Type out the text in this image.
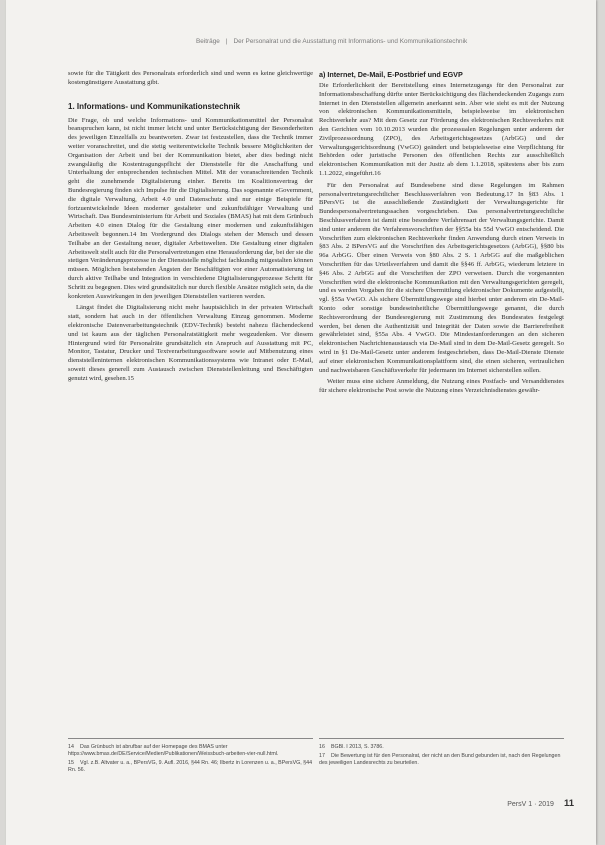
Beiträge | Der Personalrat und die Ausstattung mit Informations- und Kommunikationstechnik

sowie für die Tätigkeit des Personalrats erforderlich sind und wenn es keine gleichwertige kostengünstigere Ausstattung gibt.

1. Informations- und Kommunikationstechnik

Die Frage, ob und welche Informations- und Kommunikationsmittel der Personalrat beanspruchen kann, ist nicht immer leicht und unter Berücksichtigung der Besonderheiten des jeweiligen Einzelfalls zu beantworten. Zwar ist festzustellen, dass die Technik immer weiter voranschreitet, und die stetig weiterentwickelte Technik bessere Möglichkeiten der Organisation der Arbeit und bei der Kommunikation bietet, aber dies bedingt nicht zwangsläufig die Kostentragungspflicht der Dienststelle für die Anschaffung und Unterhaltung der entsprechenden technischen Mittel. Mit der voranschreitenden Technik geht die zunehmende Digitalisierung einher. Bereits im Koalitionsvertrag der Bundesregierung finden sich Impulse für die Digitalisierung. Das sogenannte eGovernment, die digitale Verwaltung, Arbeit 4.0 und Datenschutz sind nur einige Beispiele für fortzuentwickelnde Ideen moderner gestalteter und zukunftsfähiger Verwaltung und Wirtschaft. Das Bundesministerium für Arbeit und Soziales (BMAS) hat mit dem Grünbuch Arbeiten 4.0 einen Dialog für die Gestaltung einer modernen und zukunftsfähigen Arbeitswelt begonnen.14 Im Vordergrund des Dialogs stehen der Mensch und dessen Teilhabe an der Gestaltung neuer, digitaler Arbeitswelten. Die Gestaltung einer digitalen Arbeitswelt stellt auch für die Personalvertretungen eine Herausforderung dar, bei der sie die stetigen Veränderungsprozesse in der Dienststelle möglichst fachkundig mitgestalten können müssen. Möglichen bestehenden Ängsten der Beschäftigten vor einer Automatisierung ist durch aktive Teilhabe und Integration in verschiedene Digitalisierungsprozesse Schritt für Schritt zu begegnen. Dies wird grundsätzlich nur durch flexible Ansätze möglich sein, da die konkreten Auswirkungen in den jeweiligen Dienststellen variieren werden.

Längst findet die Digitalisierung nicht mehr hauptsächlich in der privaten Wirtschaft statt, sondern hat auch in der öffentlichen Verwaltung Einzug genommen. Moderne elektronische Datenverarbeitungstechnik (EDV-Technik) besteht nahezu flächendeckend und ist kaum aus der täglichen Personalratstätigkeit mehr wegzudenken. Vor diesem Hintergrund wird für Personalräte grundsätzlich ein Anspruch auf Ausstattung mit PC, Monitor, Tastatur, Drucker und Textverarbeitungssoftware sowie auf Mitbenutzung eines dienststelleninternen elektronischen Kommunikationssystems wie Intranet oder E-Mail, soweit dieses generell zum Austausch zwischen Dienststellenleitung und Beschäftigten genutzt wird, gesehen.15

a) Internet, De-Mail, E-Postbrief und EGVP

Die Erforderlichkeit der Bereitstellung eines Internetzugangs für den Personalrat zur Informationsbeschaffung dürfte unter Berücksichtigung des flächendeckenden Zugangs zum Internet in den Dienststellen allgemein anerkannt sein. Aber wie sieht es mit der Nutzung von elektronischen Kommunikationsmitteln, beispielsweise im elektronischen Rechtsverkehr aus? Mit dem Gesetz zur Förderung des elektronischen Rechtsverkehrs mit den Gerichten vom 10.10.2013 wurden die prozessualen Regelungen unter anderem der Zivilprozessordnung (ZPO), des Arbeitsgerichtsgesetzes (ArbGG) und der Verwaltungsgerichtsordnung (VwGO) geändert und beispielsweise eine Verpflichtung für Behörden oder juristische Personen des öffentlichen Rechts zur ausschließlich elektronischen Kommunikation mit der Justiz ab dem 1.1.2018, spätestens aber bis zum 1.1.2022, eingeführt.16

Für den Personalrat auf Bundesebene sind diese Regelungen im Rahmen personalvertretungsrechtlicher Beschlussverfahren von Bedeutung.17 In §83 Abs. 1 BPersVG ist die ausschließende Zuständigkeit der Verwaltungsgerichte für Bundespersonalvertretungssachen vorgeschrieben. Das personalvertretungsrechtliche Beschlussverfahren ist damit eine besondere Verfahrensart der Verwaltungsgerichte. Damit sind unter anderem die Verfahrensvorschriften der §§55a bis 55d VwGO entscheidend. Die Vorschriften zum elektronischen Rechtsverkehr finden Anwendung durch einen Verweis in §83 Abs. 2 BPersVG auf die Vorschriften des Arbeitsgerichtsgesetzes (ArbGG), §§80 bis 96a ArbGG. Über einen Verweis von §80 Abs. 2 S. 1 ArbGG auf die maßgeblichen Vorschriften für das Urteilsverfahren und damit die §§46 ff. ArbGG, wiederum letztere in §46 Abs. 2 ArbGG auf die Vorschriften der ZPO verweisen. Durch die vorgenannten Vorschriften wird die elektronische Kommunikation mit den Verwaltungsgerichten geregelt, und es werden Vorgaben für die sichere Übermittlung elektronischer Dokumente aufgestellt, vgl. §55a VwGO. Als sichere Übermittlungswege sind hierbei unter anderem ein De-Mail-Konto oder sonstige bundeseinheitliche Übermittlungswege genannt, die durch Rechtsverordnung der Bundesregierung mit Zustimmung des Bundesrates festgelegt werden, bei denen die Authentizität und Integrität der Daten sowie die Barrierefreiheit gewährleistet sind, §55a Abs. 4 VwGO. Die Mindestanforderungen an den sicheren elektronischen Nachrichtenaustausch via De-Mail sind in dem De-Mail-Gesetz geregelt. So wird in §1 De-Mail-Gesetz unter anderem festgeschrieben, dass De-Mail-Dienste Dienste auf einer elektronischen Kommunikationsplattform sind, die einen sicheren, vertraulichen und nachweisbaren Geschäftsverkehr für jedermann im Internet sicherstellen sollen.

Weiter muss eine sichere Anmeldung, die Nutzung eines Postfach- und Versanddienstes für sichere elektronische Post sowie die Nutzung eines Verzeichnisdienstes gewähr-

14 Das Grünbuch ist abrufbar auf der Homepage des BMAS unter https://www.bmas.de/DE/Service/Medien/Publikationen/Weissbuch-arbeiten-vier-null.html.

15 Vgl. z.B. Altvater u. a., BPersVG, 9. Aufl. 2016, §44 Rn. 46; Ilbertz in Lorenzen u. a., BPersVG, §44 Rn. 56.

16 BGBl. I 2013, S. 3786.

17 Die Bewertung ist für den Personalrat, der nicht an den Bund gebunden ist, nach den Regelungen des jeweiligen Landesrechts zu beurteilen.

PersV 1 · 2019 11
